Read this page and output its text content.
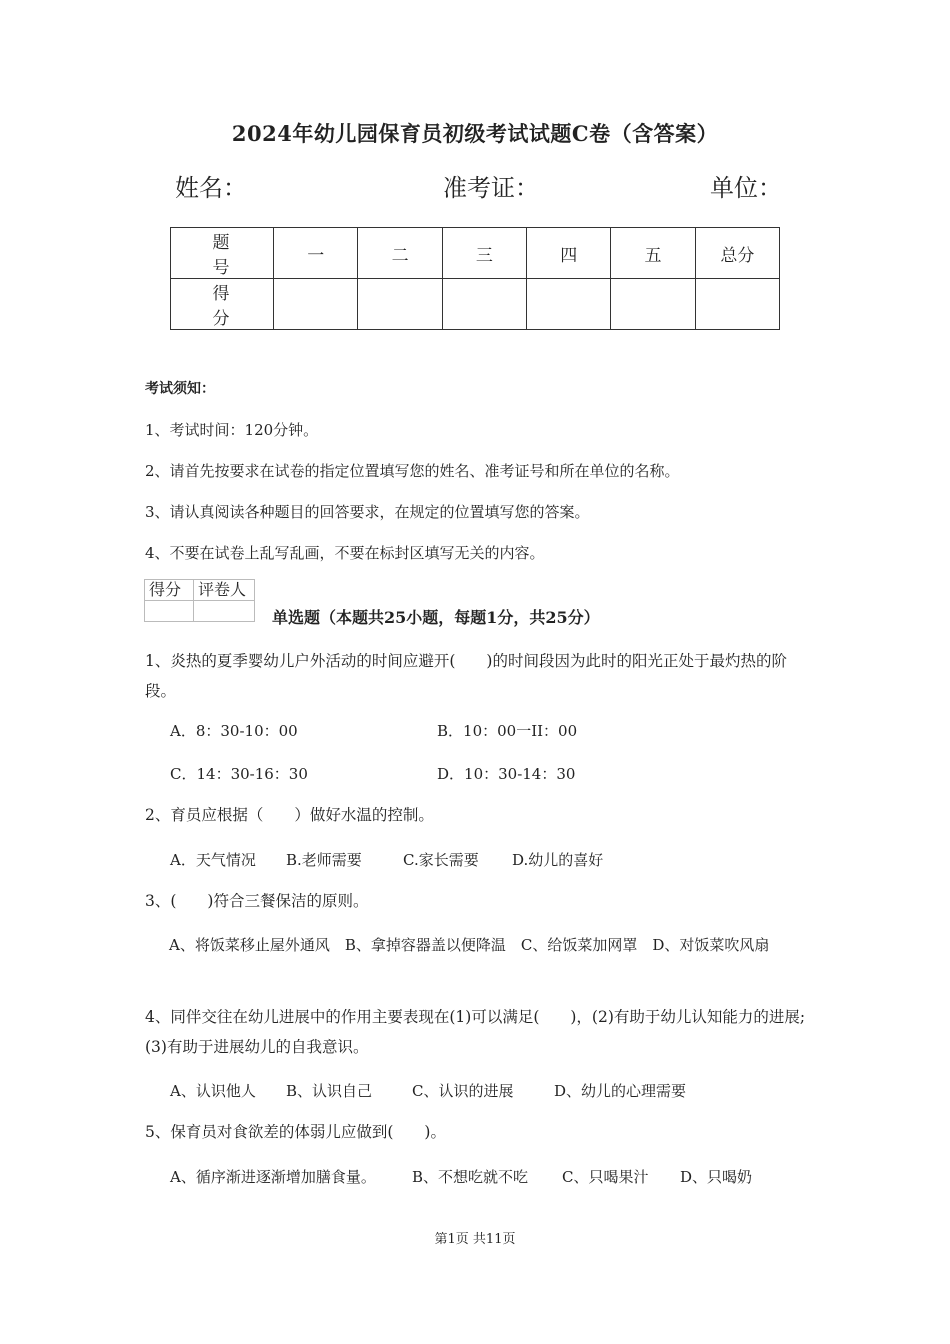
2024年幼儿园保育员初级考试试题C卷（含答案）
姓名：	准考证：	单位：
题 号	一	二	三	四	五	总分
得 分						
考试须知：
1、考试时间：120分钟。
2、请首先按要求在试卷的指定位置填写您的姓名、准考证号和所在单位的名称。
3、请认真阅读各种题目的回答要求，在规定的位置填写您的答案。
4、不要在试卷上乱写乱画，不要在标封区填写无关的内容。
得分	评卷人

单选题（本题共25小题，每题1分，共25分）
1、炎热的夏季婴幼儿户外活动的时间应避开(　　)的时间段因为此时的阳光正处于最灼热的阶段。
A．8：30-10：00	B．10：00一II：00
C．14：30-16：30	D．10：30-14：30
2、育员应根据（　　）做好水温的控制。
A．天气情况 B.老师需要	C.家长需要 D.幼儿的喜好
3、(　　)符合三餐保洁的原则。
A、将饭菜移止屋外通风　B、拿掉容器盖以便降温　C、给饭菜加网罩　D、对饭菜吹风扇
4、同伴交往在幼儿进展中的作用主要表现在(1)可以满足(　　)，(2)有助于幼儿认知能力的进展;(3)有助于进展幼儿的自我意识。
A、认识他人 B、认识自己	C、认识的进展	D、幼儿的心理需要
5、保育员对食欲差的体弱儿应做到(　　)。
A、循序渐进逐渐增加膳食量。 B、不想吃就不吃 C、只喝果汁 D、只喝奶
第1页 共11页
